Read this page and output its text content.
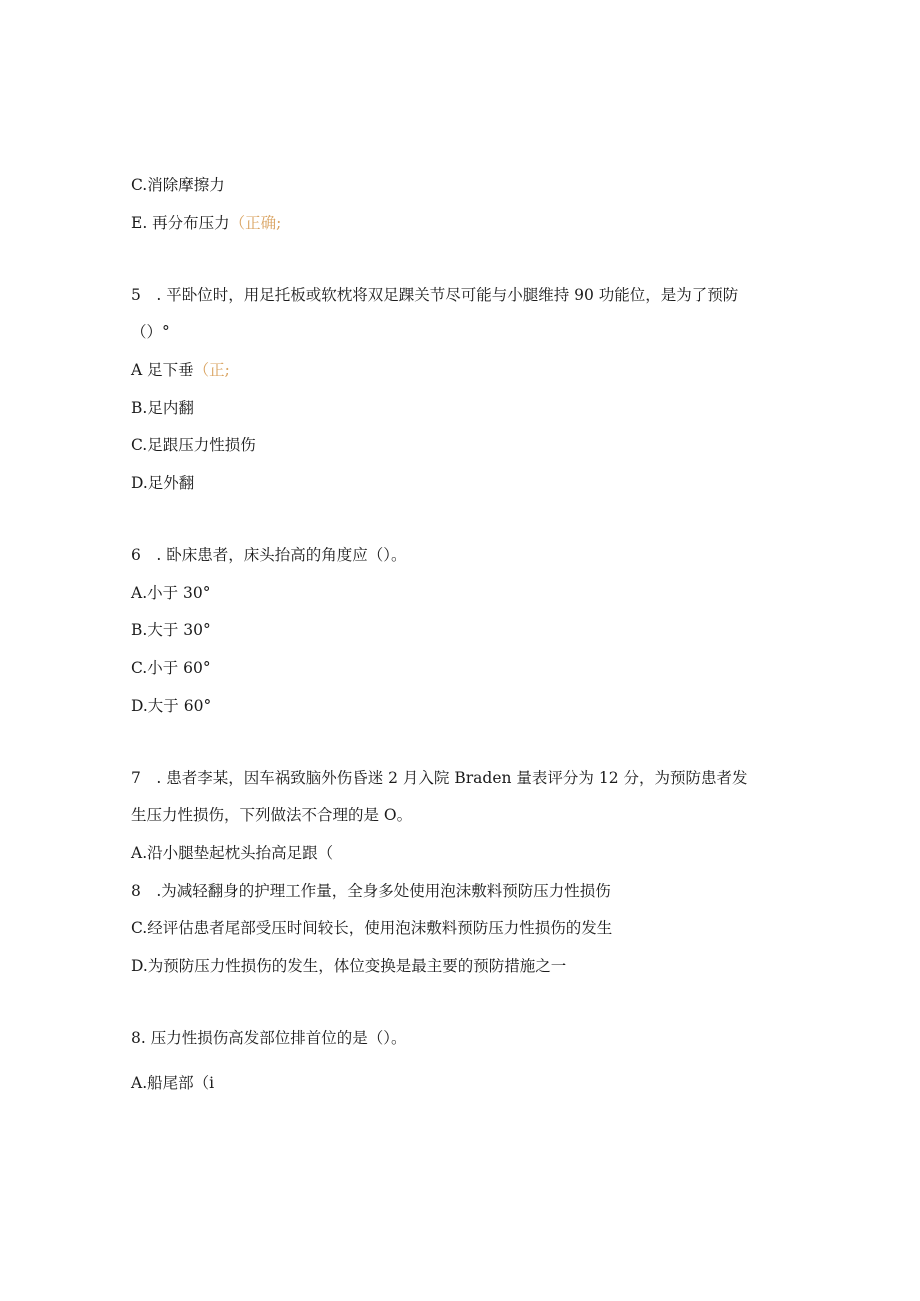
C.消除摩擦力
E. 再分布压力（正确;
5　. 平卧位时，用足托板或软枕将双足踝关节尽可能与小腿维持 90 功能位，是为了预防
（）°
A 足下垂（正;
B.足内翻
C.足跟压力性损伤
D.足外翻
6　. 卧床患者，床头抬高的角度应（）。
A.小于 30°
B.大于 30°
C.小于 60°
D.大于 60°
7　. 患者李某，因车祸致脑外伤昏迷 2 月入院 Braden 量表评分为 12 分，为预防患者发
生压力性损伤，下列做法不合理的是 O。
A.沿小腿垫起枕头抬高足跟（
8　.为减轻翻身的护理工作量，全身多处使用泡沫敷料预防压力性损伤
C.经评估患者尾部受压时间较长，使用泡沫敷料预防压力性损伤的发生
D.为预防压力性损伤的发生，体位变换是最主要的预防措施之一
8. 压力性损伤高发部位排首位的是（）。
A.船尾部（i
